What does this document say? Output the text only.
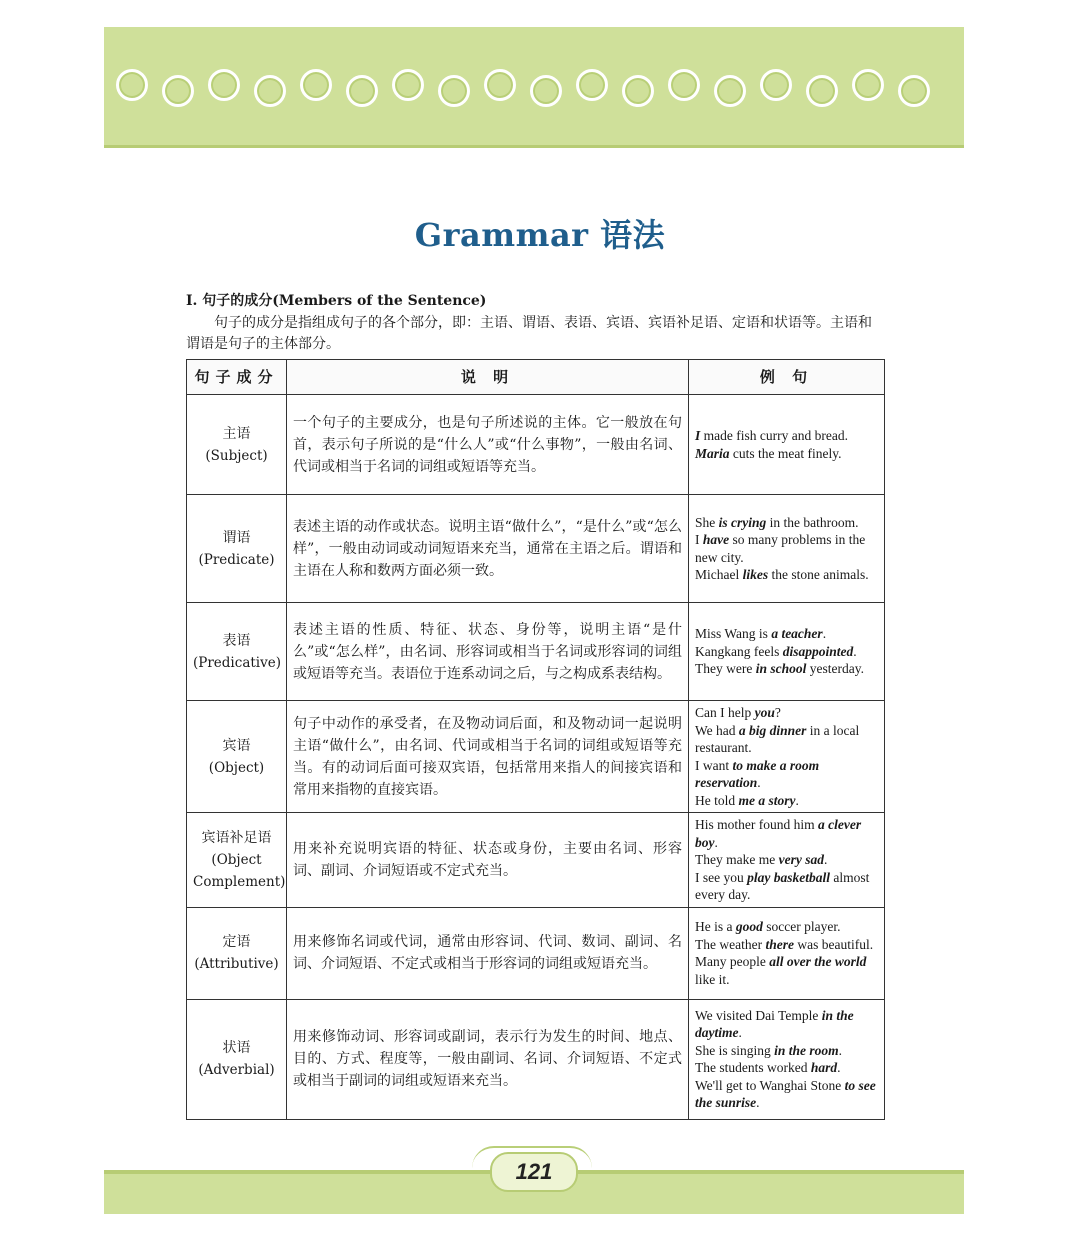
Grammar 语法
Ⅰ. 句子的成分(Members of the Sentence)
句子的成分是指组成句子的各个部分，即：主语、谓语、表语、宾语、宾语补足语、定语和状语等。主语和谓语是句子的主体部分。
句子成分	说 明	例 句

主语
(Subject)	一个句子的主要成分，也是句子所述说的主体。它一般放在句首，表示句子所说的是“什么人”或“什么事物”，一般由名词、代词或相当于名词的词组或短语等充当。	I made fish curry and bread.
Maria cuts the meat finely.

谓语
(Predicate)	表述主语的动作或状态。说明主语“做什么”，“是什么”或“怎么样”，一般由动词或动词短语来充当，通常在主语之后。谓语和主语在人称和数两方面必须一致。	She is crying in the bathroom.
I have so many problems in the new city.
Michael likes the stone animals.

表语
(Predicative)	表述主语的性质、特征、状态、身份等，说明主语“是什么”或“怎么样”，由名词、形容词或相当于名词或形容词的词组或短语等充当。表语位于连系动词之后，与之构成系表结构。	Miss Wang is a teacher.
Kangkang feels disappointed.
They were in school yesterday.

宾语
(Object)	句子中动作的承受者，在及物动词后面，和及物动词一起说明主语“做什么”，由名词、代词或相当于名词的词组或短语等充当。有的动词后面可接双宾语，包括常用来指人的间接宾语和常用来指物的直接宾语。	Can I help you?
We had a big dinner in a local restaurant.
I want to make a room reservation.
He told me a story.

宾语补足语
(Object Complement)	用来补充说明宾语的特征、状态或身份，主要由名词、形容词、副词、介词短语或不定式充当。	His mother found him a clever boy.
They make me very sad.
I see you play basketball almost every day.

定语
(Attributive)	用来修饰名词或代词，通常由形容词、代词、数词、副词、名词、介词短语、不定式或相当于形容词的词组或短语充当。	He is a good soccer player.
The weather there was beautiful.
Many people all over the world like it.

状语
(Adverbial)	用来修饰动词、形容词或副词，表示行为发生的时间、地点、目的、方式、程度等，一般由副词、名词、介词短语、不定式或相当于副词的词组或短语来充当。	We visited Dai Temple in the daytime.
She is singing in the room.
The students worked hard.
We'll get to Wanghai Stone to see the sunrise.
121
